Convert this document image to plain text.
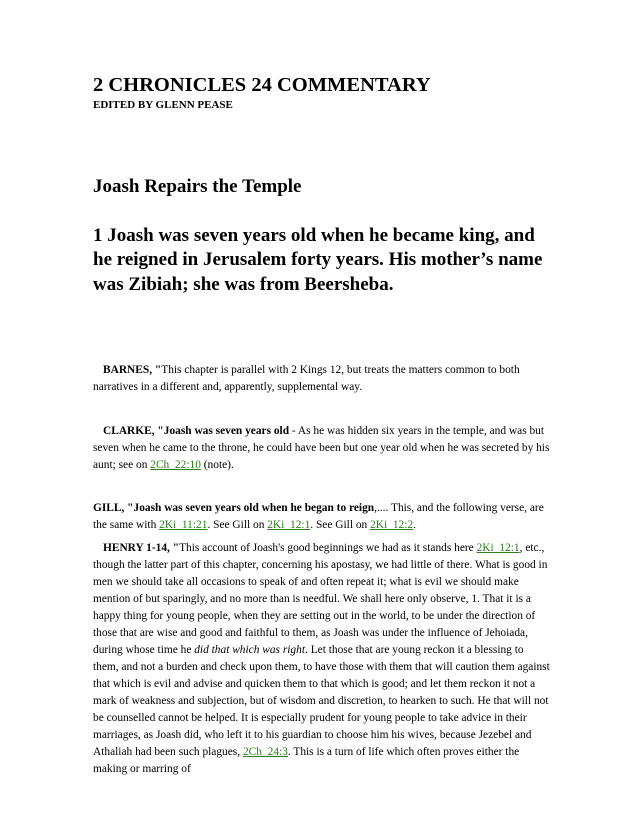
2 CHRONICLES 24 COMMENTARY
EDITED BY GLENN PEASE
Joash Repairs the Temple
1 Joash was seven years old when he became king, and he reigned in Jerusalem forty years. His mother’s name was Zibiah; she was from Beersheba.
BARNES, "This chapter is parallel with 2 Kings 12, but treats the matters common to both narratives in a different and, apparently, supplemental way.
CLARKE, "Joash was seven years old - As he was hidden six years in the temple, and was but seven when he came to the throne, he could have been but one year old when he was secreted by his aunt; see on 2Ch_22:10 (note).
GILL, "Joash was seven years old when he began to reign,.... This, and the following verse, are the same with 2Ki_11:21. See Gill on 2Ki_12:1. See Gill on 2Ki_12:2.
HENRY 1-14, "This account of Joash's good beginnings we had as it stands here 2Ki_12:1, etc., though the latter part of this chapter, concerning his apostasy, we had little of there. What is good in men we should take all occasions to speak of and often repeat it; what is evil we should make mention of but sparingly, and no more than is needful. We shall here only observe, 1. That it is a happy thing for young people, when they are setting out in the world, to be under the direction of those that are wise and good and faithful to them, as Joash was under the influence of Jehoiada, during whose time he did that which was right. Let those that are young reckon it a blessing to them, and not a burden and check upon them, to have those with them that will caution them against that which is evil and advise and quicken them to that which is good; and let them reckon it not a mark of weakness and subjection, but of wisdom and discretion, to hearken to such. He that will not be counselled cannot be helped. It is especially prudent for young people to take advice in their marriages, as Joash did, who left it to his guardian to choose him his wives, because Jezebel and Athaliah had been such plagues, 2Ch_24:3. This is a turn of life which often proves either the making or marring of
